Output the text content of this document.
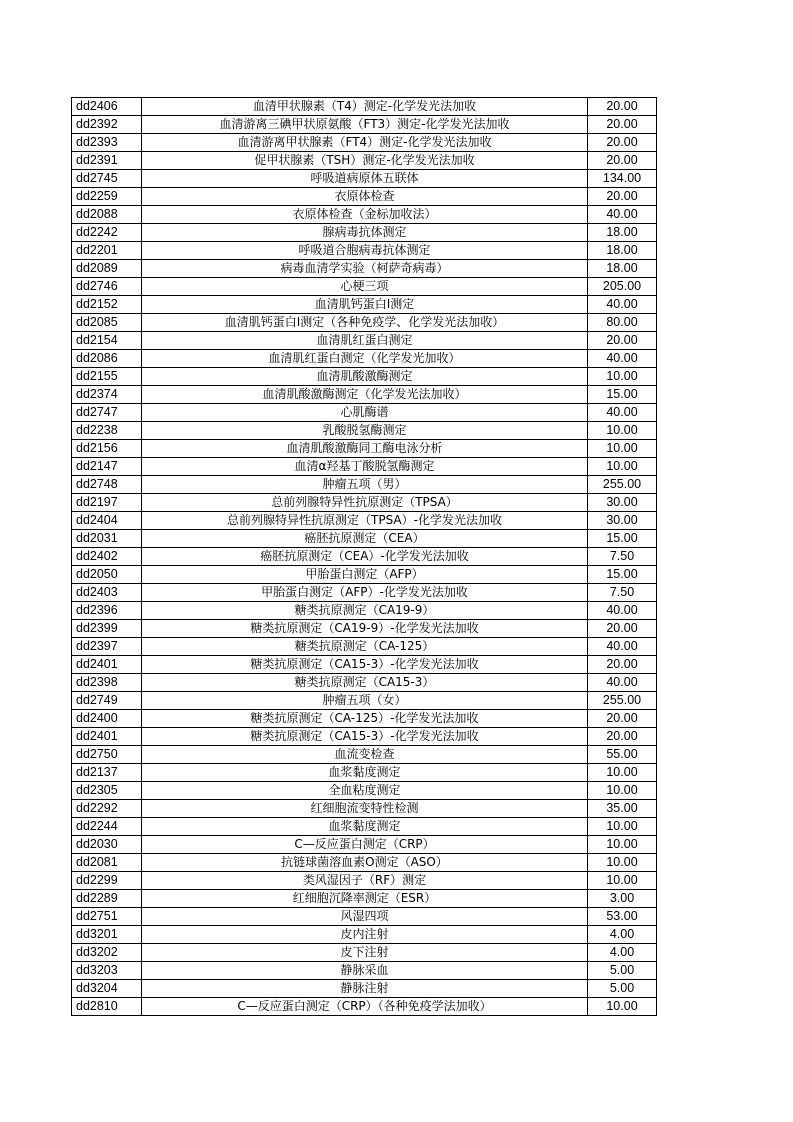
dd2406	血清甲状腺素（T4）测定-化学发光法加收	20.00
dd2392	血清游离三碘甲状原氨酸（FT3）测定-化学发光法加收	20.00
dd2393	血清游离甲状腺素（FT4）测定-化学发光法加收	20.00
dd2391	促甲状腺素（TSH）测定-化学发光法加收	20.00
dd2745	呼吸道病原体五联体	134.00
dd2259	衣原体检查	20.00
dd2088	衣原体检查（金标加收法）	40.00
dd2242	腺病毒抗体测定	18.00
dd2201	呼吸道合胞病毒抗体测定	18.00
dd2089	病毒血清学实验（柯萨奇病毒）	18.00
dd2746	心梗三项	205.00
dd2152	血清肌钙蛋白Ⅰ测定	40.00
dd2085	血清肌钙蛋白Ⅰ测定（各种免疫学、化学发光法加收）	80.00
dd2154	血清肌红蛋白测定	20.00
dd2086	血清肌红蛋白测定（化学发光加收）	40.00
dd2155	血清肌酸激酶测定	10.00
dd2374	血清肌酸激酶测定（化学发光法加收）	15.00
dd2747	心肌酶谱	40.00
dd2238	乳酸脱氢酶测定	10.00
dd2156	血清肌酸激酶同工酶电泳分析	10.00
dd2147	血清α羟基丁酸脱氢酶测定	10.00
dd2748	肿瘤五项（男）	255.00
dd2197	总前列腺特异性抗原测定（TPSA）	30.00
dd2404	总前列腺特异性抗原测定（TPSA）-化学发光法加收	30.00
dd2031	癌胚抗原测定（CEA）	15.00
dd2402	癌胚抗原测定（CEA）-化学发光法加收	7.50
dd2050	甲胎蛋白测定（AFP）	15.00
dd2403	甲胎蛋白测定（AFP）-化学发光法加收	7.50
dd2396	糖类抗原测定（CA19-9）	40.00
dd2399	糖类抗原测定（CA19-9）-化学发光法加收	20.00
dd2397	糖类抗原测定（CA-125）	40.00
dd2401	糖类抗原测定（CA15-3）-化学发光法加收	20.00
dd2398	糖类抗原测定（CA15-3）	40.00
dd2749	肿瘤五项（女）	255.00
dd2400	糖类抗原测定（CA-125）-化学发光法加收	20.00
dd2401	糖类抗原测定（CA15-3）-化学发光法加收	20.00
dd2750	血流变检查	55.00
dd2137	血浆黏度测定	10.00
dd2305	全血粘度测定	10.00
dd2292	红细胞流变特性检测	35.00
dd2244	血浆黏度测定	10.00
dd2030	C—反应蛋白测定（CRP）	10.00
dd2081	抗链球菌溶血素O测定（ASO）	10.00
dd2299	类风湿因子（RF）测定	10.00
dd2289	红细胞沉降率测定（ESR）	3.00
dd2751	风湿四项	53.00
dd3201	皮内注射	4.00
dd3202	皮下注射	4.00
dd3203	静脉采血	5.00
dd3204	静脉注射	5.00
dd2810	C—反应蛋白测定（CRP）（各种免疫学法加收）	10.00
